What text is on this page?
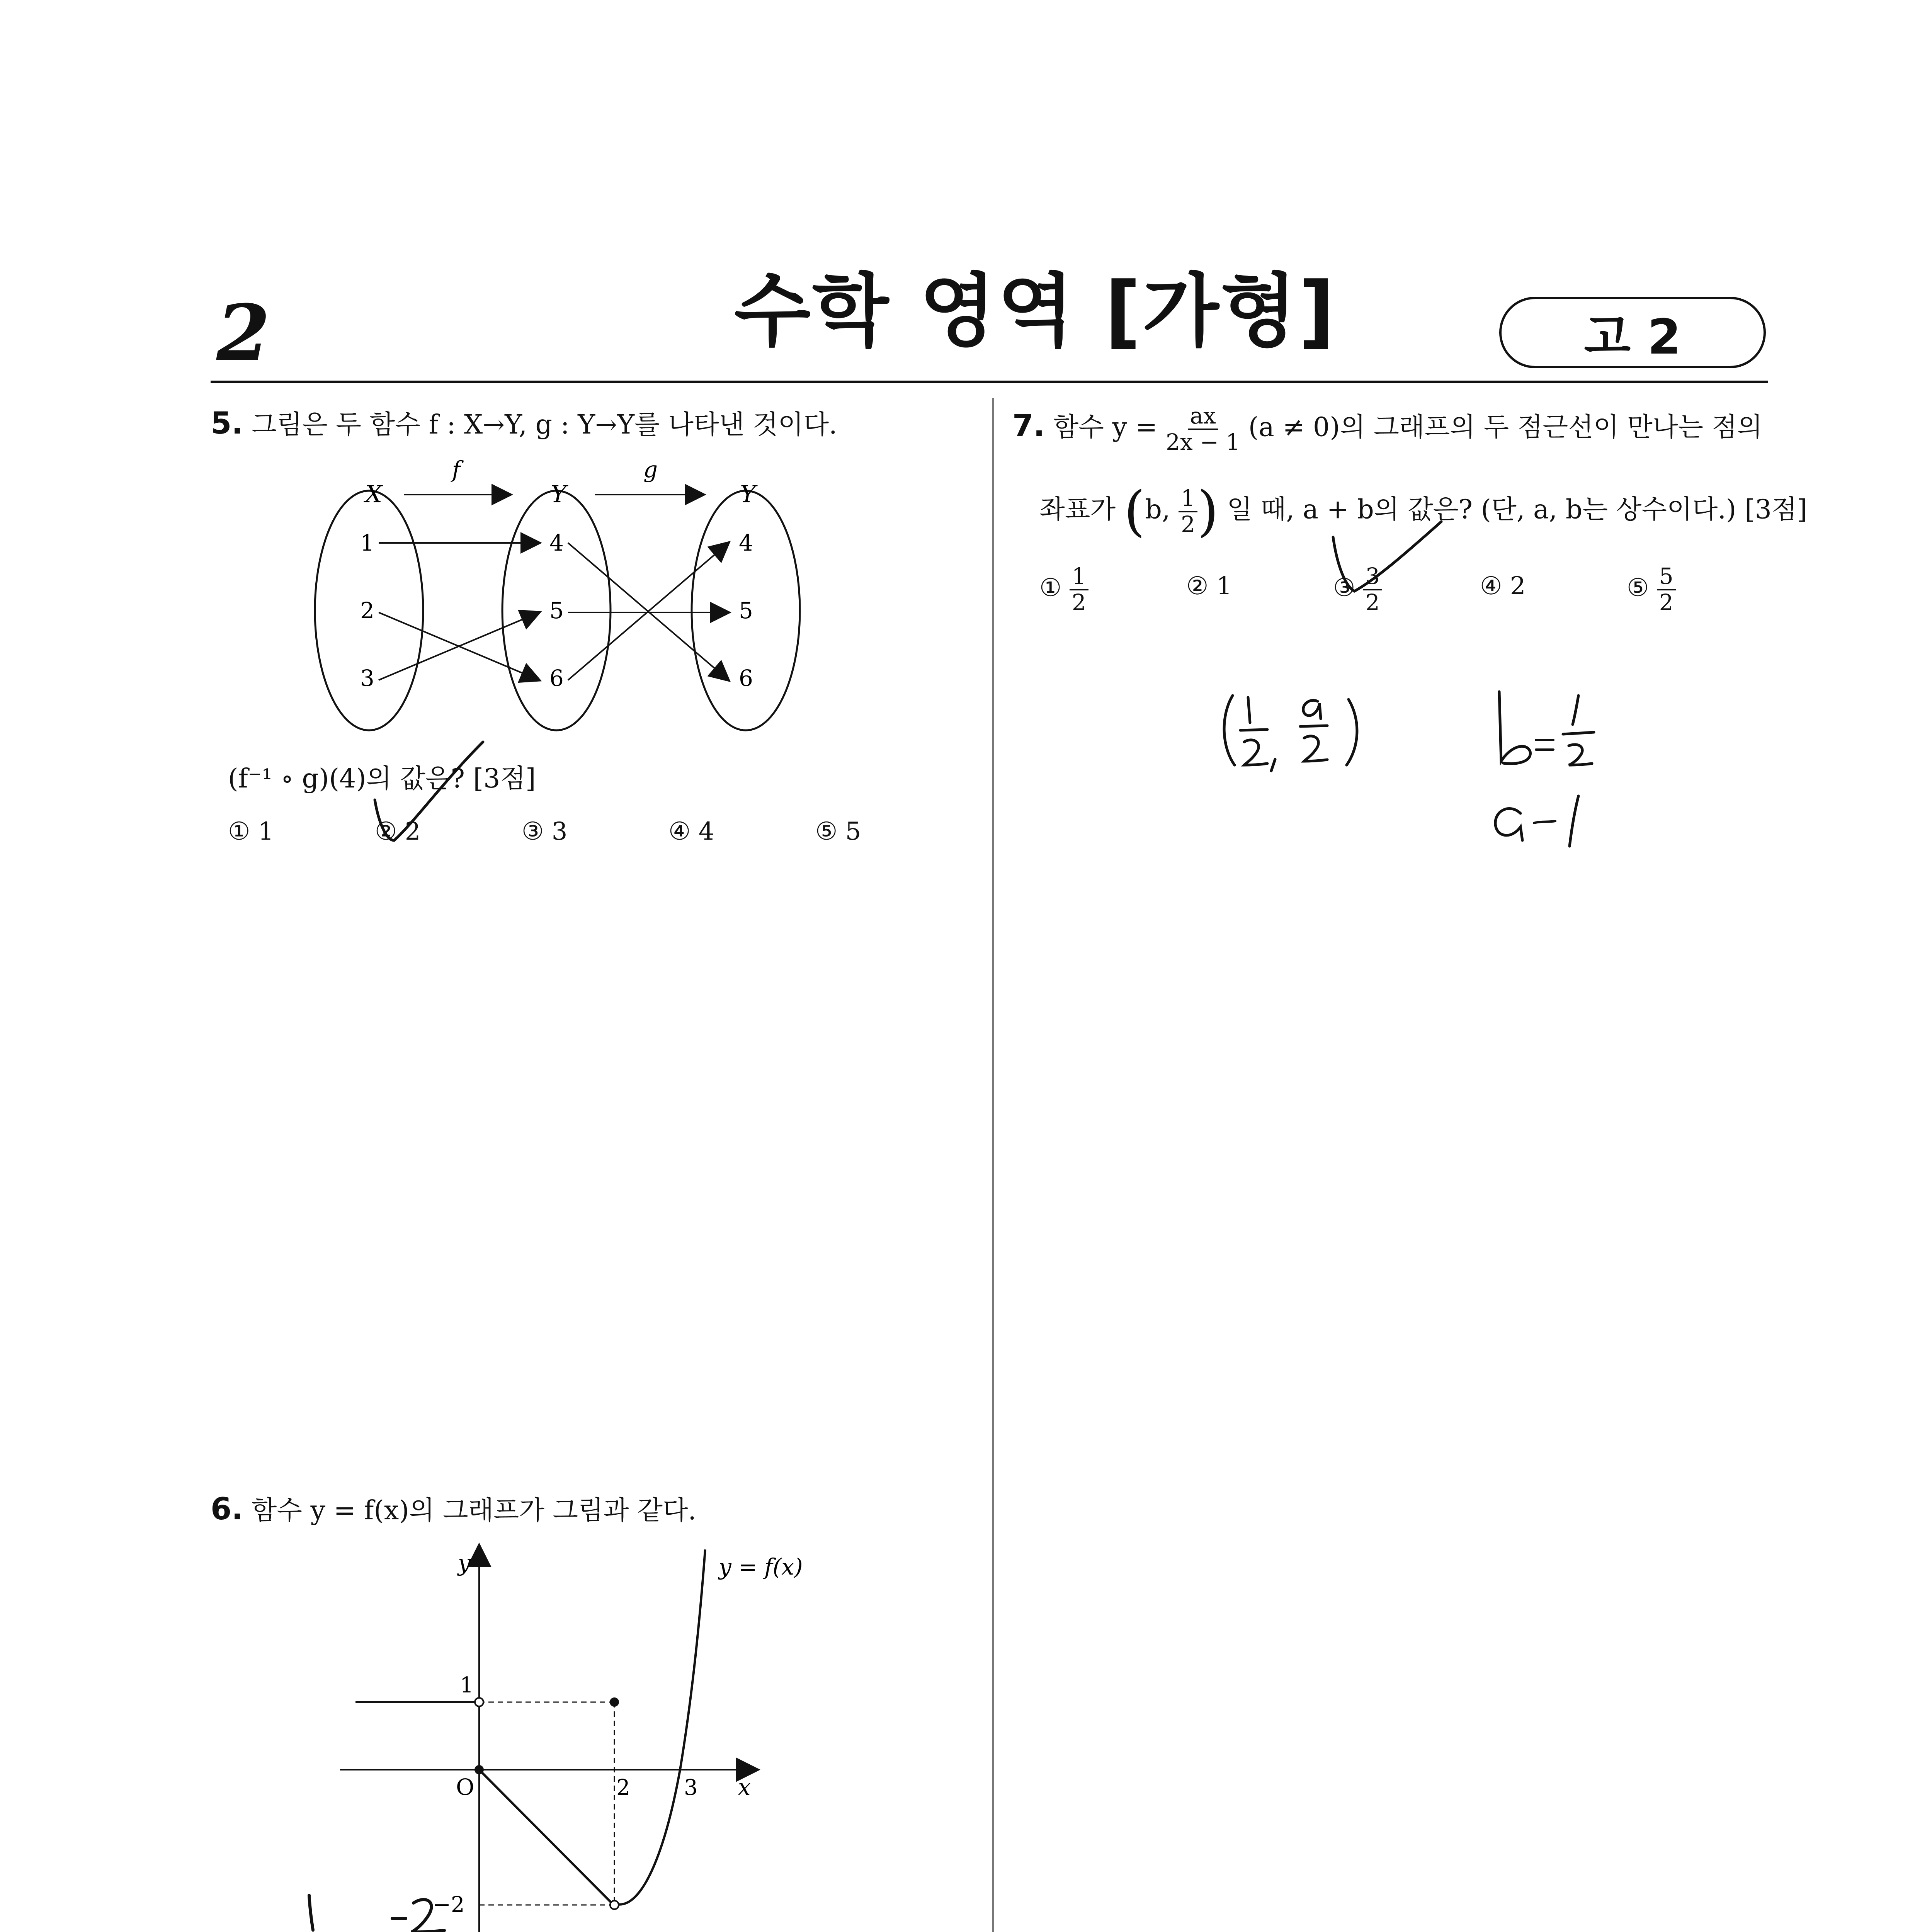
2	수학 영역 [가형]	고 2
5. 그림은 두 함수 f : X→Y, g : Y→Y를 나타낸 것이다.
X	Y	Y
f	g
1
2
3
4
5
6
4
5
6
(f⁻¹ ∘ g)(4)의 값은? [3점]
① 1	② 2	③ 3	④ 4	⑤ 5
6. 함수 y = f(x)의 그래프가 그림과 같다.
y
x
O	2 3
1
−2
y = f(x)
7. 함수 $y = \frac{ax}{2x - 1} (a \ne 0)$의 그래프의 두 점근선이 만나는 점의
좌표가 (b, $\frac{1}{2}$ ) 일 때, a + b의 값은? (단, a, b는 상수이다.) [3점]
① $\frac{1}{2}$	② 1	③ $\frac{3}{2}$	④ 2	⑤ $\frac{5}{2}$
